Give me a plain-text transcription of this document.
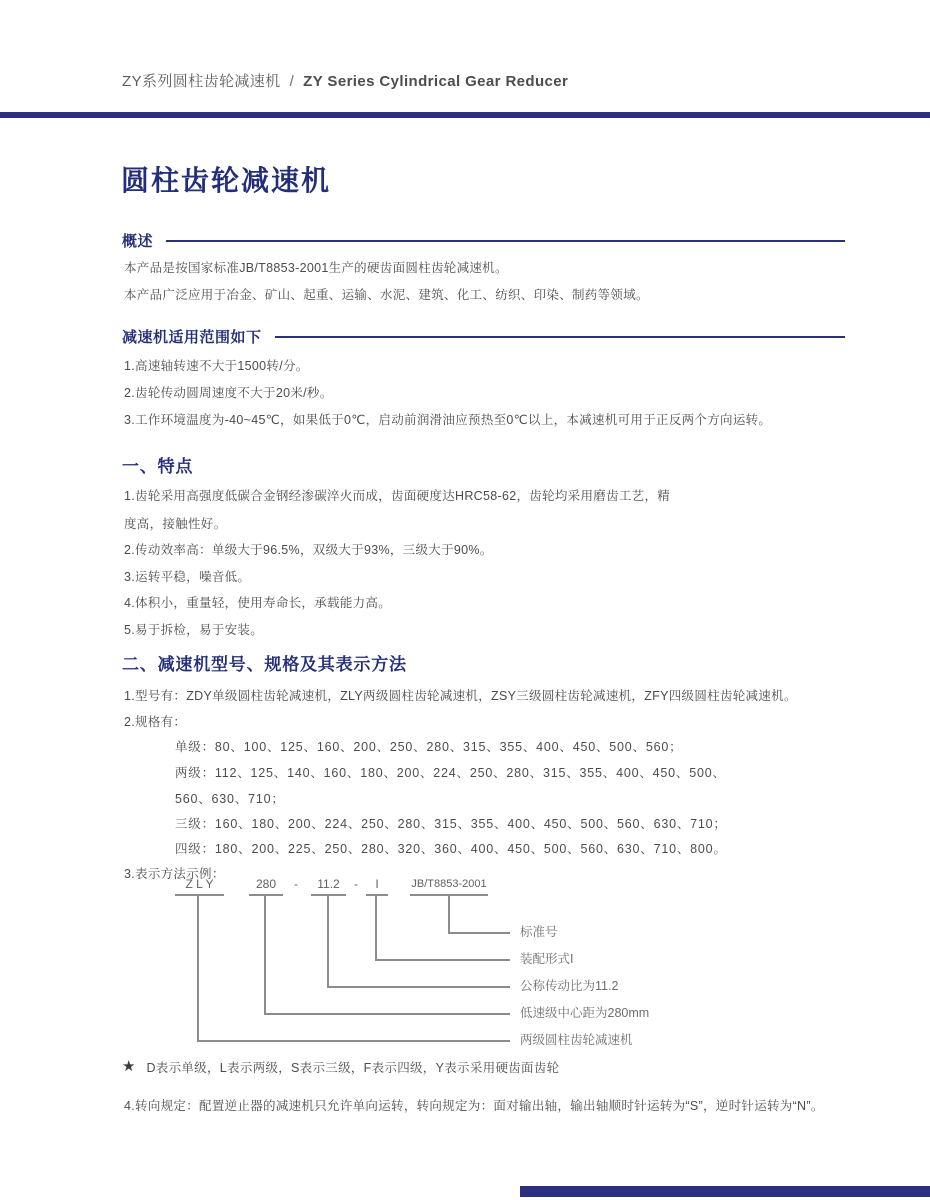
ZY系列圆柱齿轮减速机 / ZY Series Cylindrical Gear Reducer
圆柱齿轮减速机
概述
本产品是按国家标准JB/T8853-2001生产的硬齿面圆柱齿轮减速机。
本产品广泛应用于冶金、矿山、起重、运输、水泥、建筑、化工、纺织、印染、制药等领域。
减速机适用范围如下
1.高速轴转速不大于1500转/分。
2.齿轮传动圆周速度不大于20米/秒。
3.工作环境温度为-40~45℃，如果低于0℃，启动前润滑油应预热至0℃以上，本减速机可用于正反两个方向运转。
一、特点
1.齿轮采用高强度低碳合金钢经渗碳淬火而成，齿面硬度达HRC58-62，齿轮均采用磨齿工艺，精
度高，接触性好。
2.传动效率高：单级大于96.5%，双级大于93%，三级大于90%。
3.运转平稳，噪音低。
4.体积小，重量轻，使用寿命长，承载能力高。
5.易于拆检，易于安装。
二、减速机型号、规格及其表示方法
1.型号有：ZDY单级圆柱齿轮减速机，ZLY两级圆柱齿轮减速机，ZSY三级圆柱齿轮减速机，ZFY四级圆柱齿轮减速机。
2.规格有：
单级：80、100、125、160、200、250、280、315、355、400、450、500、560；
两级：112、125、140、160、180、200、224、250、280、315、355、400、450、500、
560、630、710；
三级：160、180、200、224、250、280、315、355、400、450、500、560、630、710；
四级：180、200、225、250、280、320、360、400、450、500、560、630、710、800。
3.表示方法示例：
Z L Y	280	-	11.2	-	I	JB/T8853-2001
标准号
装配形式I
公称传动比为11.2
低速级中心距为280mm
两级圆柱齿轮减速机
★ D表示单级，L表示两级，S表示三级，F表示四级，Y表示采用硬齿面齿轮
4.转向规定：配置逆止器的减速机只允许单向运转，转向规定为：面对输出轴，输出轴顺时针运转为“S”，逆时针运转为“N”。
